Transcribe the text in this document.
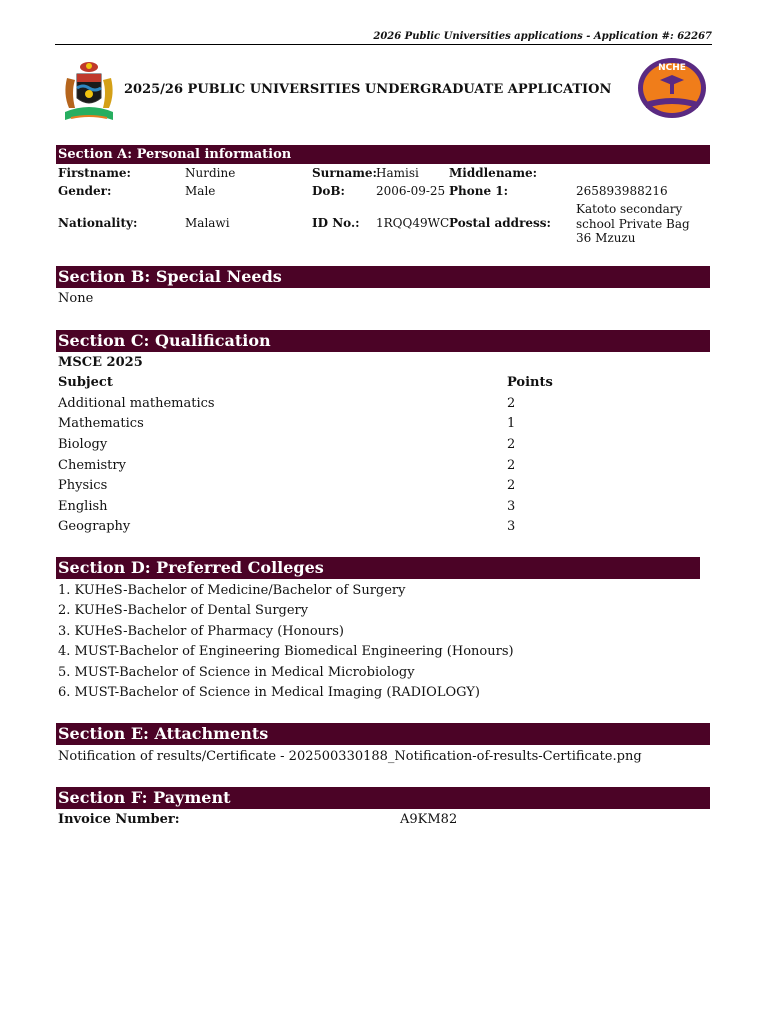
2026 Public Universities applications - Application #: 62267
2025/26 PUBLIC UNIVERSITIES UNDERGRADUATE APPLICATION
NCHE
Section A: Personal information
Firstname:	Nurdine	Surname: Hamisi	Middlename:
Gender:	Male	DoB:	2006-09-25 Phone 1:	265893988216
Nationality:	Malawi	ID No.: 1RQQ49WC Postal address:
Katoto secondary
school Private Bag
36 Mzuzu
Section B: Special Needs
None
Section C: Qualification
MSCE 2025
Subject	Points
Additional mathematics	2
Mathematics	1
Biology	2
Chemistry	2
Physics	2
English	3
Geography	3
Section D: Preferred Colleges
1. KUHeS-Bachelor of Medicine/Bachelor of Surgery
2. KUHeS-Bachelor of Dental Surgery
3. KUHeS-Bachelor of Pharmacy (Honours)
4. MUST-Bachelor of Engineering Biomedical Engineering (Honours)
5. MUST-Bachelor of Science in Medical Microbiology
6. MUST-Bachelor of Science in Medical Imaging (RADIOLOGY)
Section E: Attachments
Notification of results/Certificate - 202500330188_Notification-of-results-Certificate.png
Section F: Payment
Invoice Number:	A9KM82
